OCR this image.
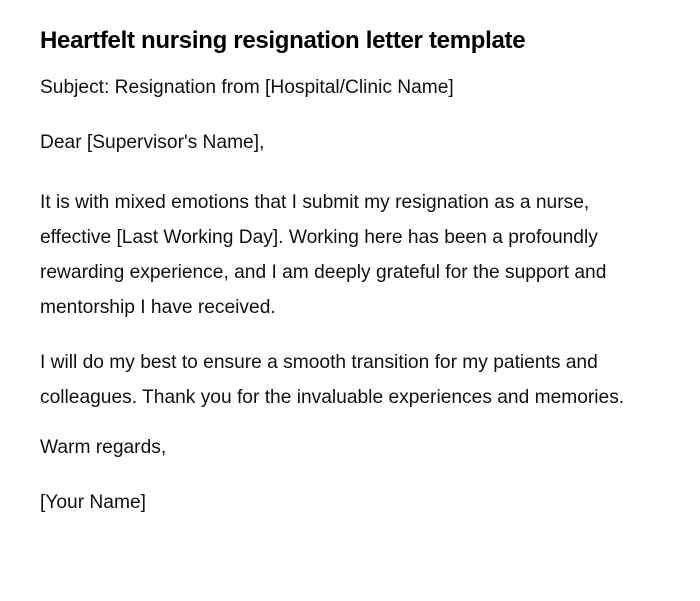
Heartfelt nursing resignation letter template

Subject: Resignation from [Hospital/Clinic Name]

Dear [Supervisor's Name],

It is with mixed emotions that I submit my resignation as a nurse, effective [Last Working Day]. Working here has been a profoundly rewarding experience, and I am deeply grateful for the support and mentorship I have received.

I will do my best to ensure a smooth transition for my patients and colleagues. Thank you for the invaluable experiences and memories.

Warm regards,

[Your Name]
